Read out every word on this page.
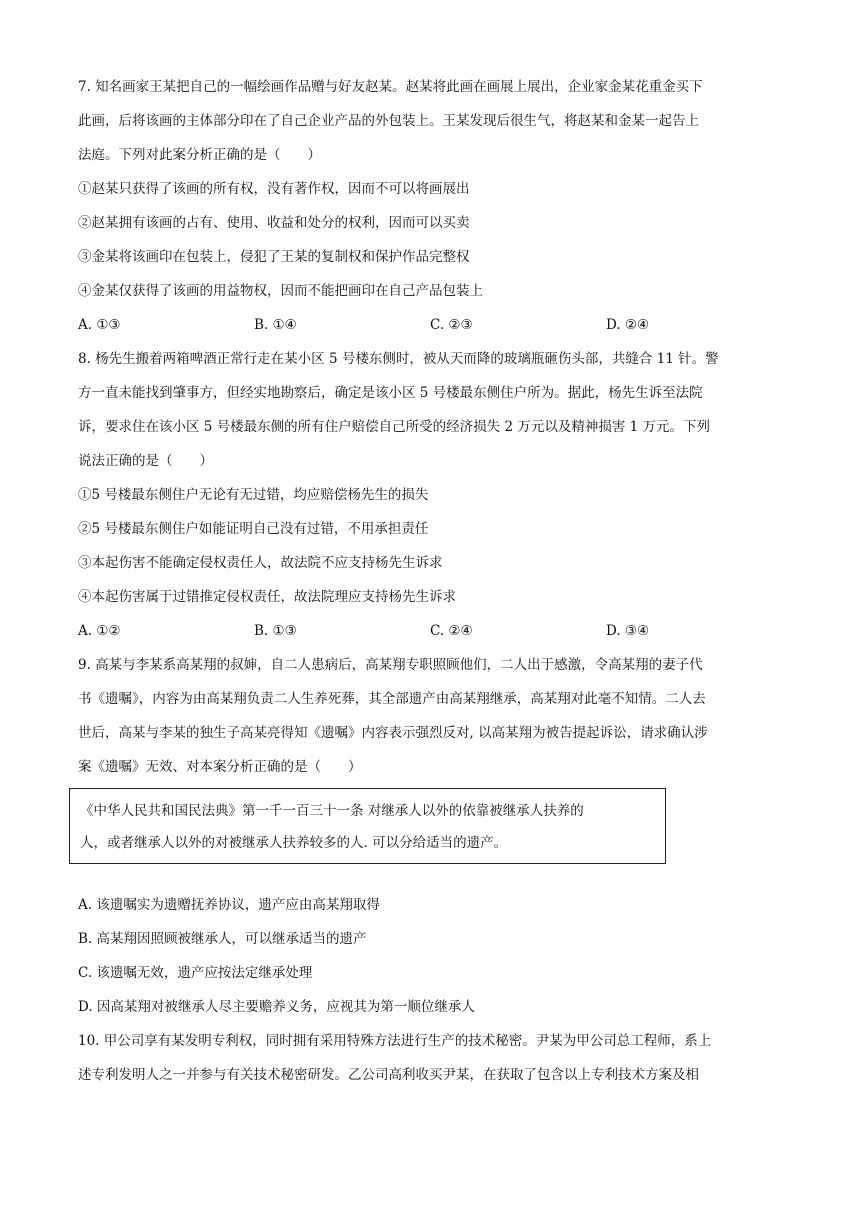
7. 知名画家王某把自己的一幅绘画作品赠与好友赵某。赵某将此画在画展上展出，企业家金某花重金买下
此画，后将该画的主体部分印在了自己企业产品的外包装上。王某发现后很生气，将赵某和金某一起告上
法庭。下列对此案分析正确的是（　　）
①赵某只获得了该画的所有权，没有著作权，因而不可以将画展出
②赵某拥有该画的占有、使用、收益和处分的权利，因而可以买卖
③金某将该画印在包装上，侵犯了王某的复制权和保护作品完整权
④金某仅获得了该画的用益物权，因而不能把画印在自己产品包装上
A. ①③	B. ①④	C. ②③	D. ②④
8. 杨先生搬着两箱啤酒正常行走在某小区 5 号楼东侧时，被从天而降的玻璃瓶砸伤头部，共缝合 11 针。警
方一直未能找到肇事方，但经实地勘察后，确定是该小区 5 号楼最东侧住户所为。据此，杨先生诉至法院
诉，要求住在该小区 5 号楼最东侧的所有住户赔偿自己所受的经济损失 2 万元以及精神损害 1 万元。下列
说法正确的是（　　）
①5 号楼最东侧住户无论有无过错，均应赔偿杨先生的损失
②5 号楼最东侧住户如能证明自己没有过错，不用承担责任
③本起伤害不能确定侵权责任人，故法院不应支持杨先生诉求
④本起伤害属于过错推定侵权责任，故法院理应支持杨先生诉求
A. ①②	B. ①③	C. ②④	D. ③④
9. 高某与李某系高某翔的叔婶，自二人患病后，高某翔专职照顾他们，二人出于感激，令高某翔的妻子代
书《遗嘱》，内容为由高某翔负责二人生养死葬，其全部遗产由高某翔继承，高某翔对此毫不知情。二人去
世后，高某与李某的独生子高某亮得知《遗嘱》内容表示强烈反对, 以高某翔为被告提起诉讼，请求确认涉
案《遗嘱》无效、对本案分析正确的是（　　）
《中华人民共和国民法典》第一千一百三十一条 对继承人以外的依靠被继承人扶养的
人，或者继承人以外的对被继承人扶养较多的人. 可以分给适当的遗产。
A. 该遗嘱实为遗赠抚养协议，遗产应由高某翔取得
B. 高某翔因照顾被继承人，可以继承适当的遗产
C. 该遗嘱无效，遗产应按法定继承处理
D. 因高某翔对被继承人尽主要赡养义务，应视其为第一顺位继承人
10. 甲公司享有某发明专利权，同时拥有采用特殊方法进行生产的技术秘密。尹某为甲公司总工程师，系上
述专利发明人之一并参与有关技术秘密研发。乙公司高利收买尹某，在获取了包含以上专利技术方案及相
